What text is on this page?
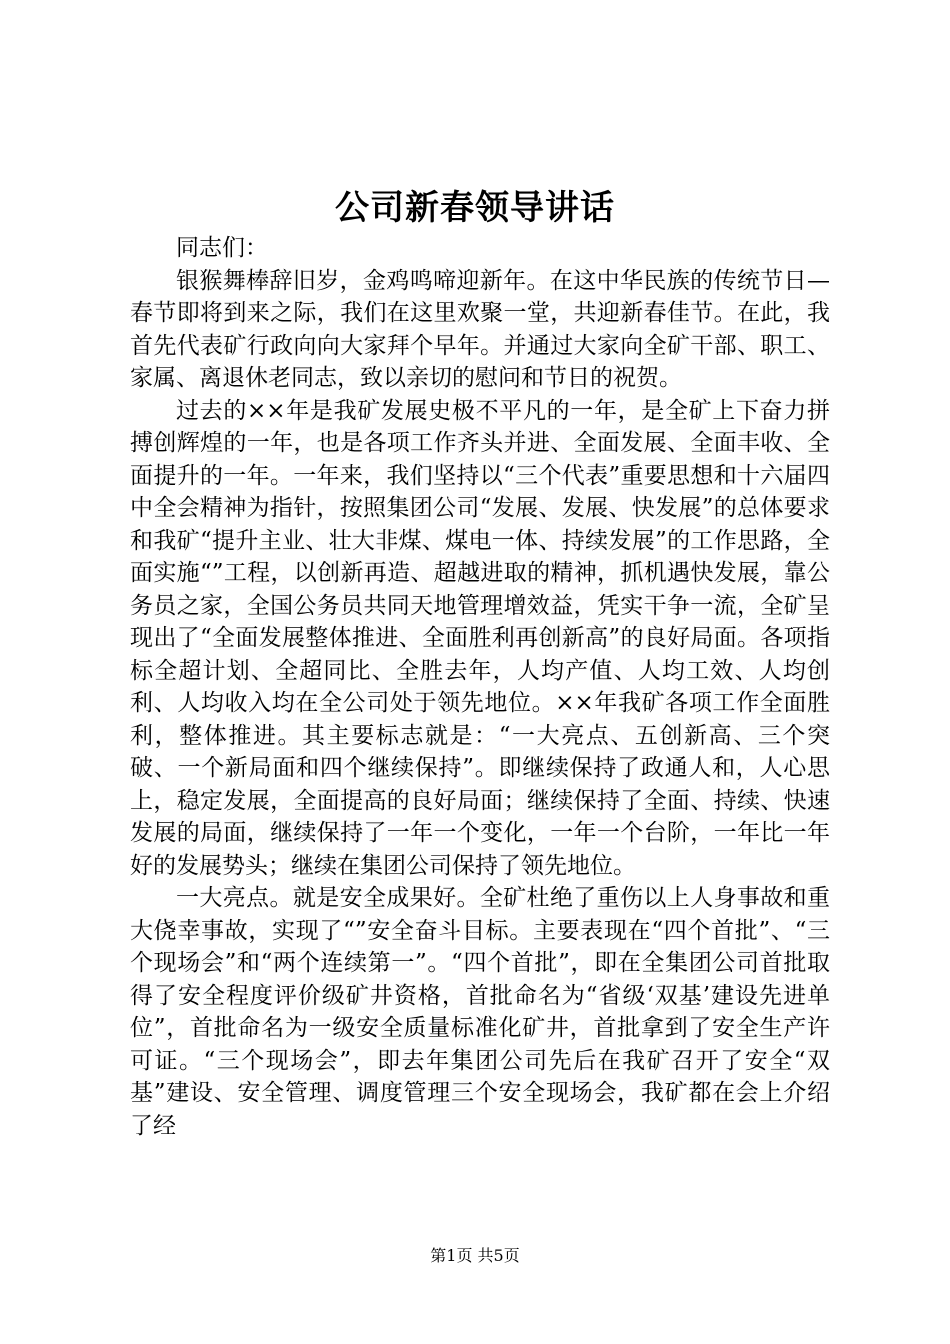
公司新春领导讲话

同志们：

银猴舞棒辞旧岁，金鸡鸣啼迎新年。在这中华民族的传统节日—春节即将到来之际，我们在这里欢聚一堂，共迎新春佳节。在此，我首先代表矿行政向向大家拜个早年。并通过大家向全矿干部、职工、家属、离退休老同志，致以亲切的慰问和节日的祝贺。

过去的××年是我矿发展史极不平凡的一年，是全矿上下奋力拼搏创辉煌的一年，也是各项工作齐头并进、全面发展、全面丰收、全面提升的一年。一年来，我们坚持以“三个代表”重要思想和十六届四中全会精神为指针，按照集团公司“发展、发展、快发展”的总体要求和我矿“提升主业、壮大非煤、煤电一体、持续发展”的工作思路，全面实施“”工程，以创新再造、超越进取的精神，抓机遇快发展，靠公务员之家，全国公务员共同天地管理增效益，凭实干争一流，全矿呈现出了“全面发展整体推进、全面胜利再创新高”的良好局面。各项指标全超计划、全超同比、全胜去年，人均产值、人均工效、人均创利、人均收入均在全公司处于领先地位。××年我矿各项工作全面胜利，整体推进。其主要标志就是：“一大亮点、五创新高、三个突破、一个新局面和四个继续保持”。即继续保持了政通人和，人心思上，稳定发展，全面提高的良好局面；继续保持了全面、持续、快速发展的局面，继续保持了一年一个变化，一年一个台阶，一年比一年好的发展势头；继续在集团公司保持了领先地位。

一大亮点。就是安全成果好。全矿杜绝了重伤以上人身事故和重大侥幸事故，实现了“”安全奋斗目标。主要表现在“四个首批”、“三个现场会”和“两个连续第一”。“四个首批”，即在全集团公司首批取得了安全程度评价级矿井资格，首批命名为“省级‘双基’建设先进单位”，首批命名为一级安全质量标准化矿井，首批拿到了安全生产许可证。“三个现场会”，即去年集团公司先后在我矿召开了安全“双基”建设、安全管理、调度管理三个安全现场会，我矿都在会上介绍了经

第1页 共5页
